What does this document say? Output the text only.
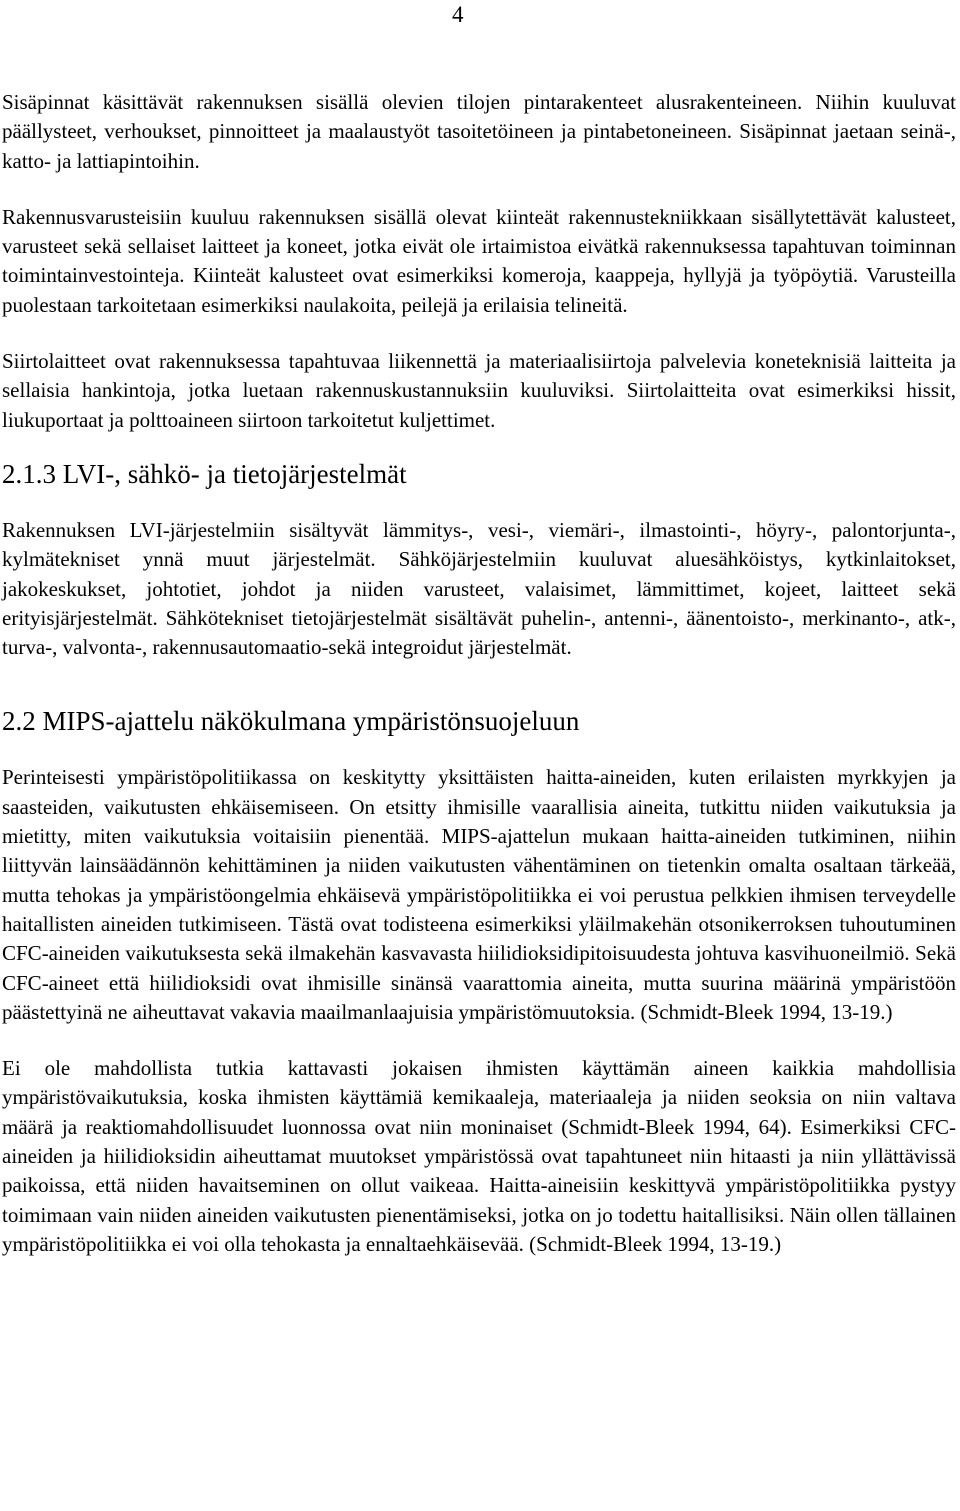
4

Sisäpinnat käsittävät rakennuksen sisällä olevien tilojen pintarakenteet alusrakenteineen. Niihin kuuluvat päällysteet, verhoukset, pinnoitteet ja maalaustyöt tasoitetöineen ja pintabetoneineen. Sisäpinnat jaetaan seinä-, katto- ja lattiapintoihin.

Rakennusvarusteisiin kuuluu rakennuksen sisällä olevat kiinteät rakennustekniikkaan sisällytettävät kalusteet, varusteet sekä sellaiset laitteet ja koneet, jotka eivät ole irtaimistoa eivätkä rakennuksessa tapahtuvan toiminnan toimintainvestointeja. Kiinteät kalusteet ovat esimerkiksi komeroja, kaappeja, hyllyjä ja työpöytiä. Varusteilla puolestaan tarkoitetaan esimerkiksi naulakoita, peilejä ja erilaisia telineitä.

Siirtolaitteet ovat rakennuksessa tapahtuvaa liikennettä ja materiaalisiirtoja palvelevia koneteknisiä laitteita ja sellaisia hankintoja, jotka luetaan rakennuskustannuksiin kuuluviksi. Siirtolaitteita ovat esimerkiksi hissit, liukuportaat ja polttoaineen siirtoon tarkoitetut kuljettimet.

2.1.3 LVI-, sähkö- ja tietojärjestelmät

Rakennuksen LVI-järjestelmiin sisältyvät lämmitys-, vesi-, viemäri-, ilmastointi-, höyry-, palontorjunta-, kylmätekniset ynnä muut järjestelmät. Sähköjärjestelmiin kuuluvat aluesähköistys, kytkinlaitokset, jakokeskukset, johtotiet, johdot ja niiden varusteet, valaisimet, lämmittimet, kojeet, laitteet sekä erityisjärjestelmät. Sähkötekniset tietojärjestelmät sisältävät puhelin-, antenni-, äänentoisto-, merkinanto-, atk-, turva-, valvonta-, rakennusautomaatio-sekä integroidut järjestelmät.

2.2 MIPS-ajattelu näkökulmana ympäristönsuojeluun

Perinteisesti ympäristöpolitiikassa on keskitytty yksittäisten haitta-aineiden, kuten erilaisten myrkkyjen ja saasteiden, vaikutusten ehkäisemiseen. On etsitty ihmisille vaarallisia aineita, tutkittu niiden vaikutuksia ja mietitty, miten vaikutuksia voitaisiin pienentää. MIPS-ajattelun mukaan haitta-aineiden tutkiminen, niihin liittyvän lainsäädännön kehittäminen ja niiden vaikutusten vähentäminen on tietenkin omalta osaltaan tärkeää, mutta tehokas ja ympäristöongelmia ehkäisevä ympäristöpolitiikka ei voi perustua pelkkien ihmisen terveydelle haitallisten aineiden tutkimiseen. Tästä ovat todisteena esimerkiksi yläilmakehän otsonikerroksen tuhoutuminen CFC-aineiden vaikutuksesta sekä ilmakehän kasvavasta hiilidioksidipitoisuudesta johtuva kasvihuoneilmiö. Sekä CFC-aineet että hiilidioksidi ovat ihmisille sinänsä vaarattomia aineita, mutta suurina määrinä ympäristöön päästettyinä ne aiheuttavat vakavia maailmanlaajuisia ympäristömuutoksia. (Schmidt-Bleek 1994, 13-19.)

Ei ole mahdollista tutkia kattavasti jokaisen ihmisten käyttämän aineen kaikkia mahdollisia ympäristövaikutuksia, koska ihmisten käyttämiä kemikaaleja, materiaaleja ja niiden seoksia on niin valtava määrä ja reaktiomahdollisuudet luonnossa ovat niin moninaiset (Schmidt-Bleek 1994, 64). Esimerkiksi CFC-aineiden ja hiilidioksidin aiheuttamat muutokset ympäristössä ovat tapahtuneet niin hitaasti ja niin yllättävissä paikoissa, että niiden havaitseminen on ollut vaikeaa. Haitta-aineisiin keskittyvä ympäristöpolitiikka pystyy toimimaan vain niiden aineiden vaikutusten pienentämiseksi, jotka on jo todettu haitallisiksi. Näin ollen tällainen ympäristöpolitiikka ei voi olla tehokasta ja ennaltaehkäisevää. (Schmidt-Bleek 1994, 13-19.)
